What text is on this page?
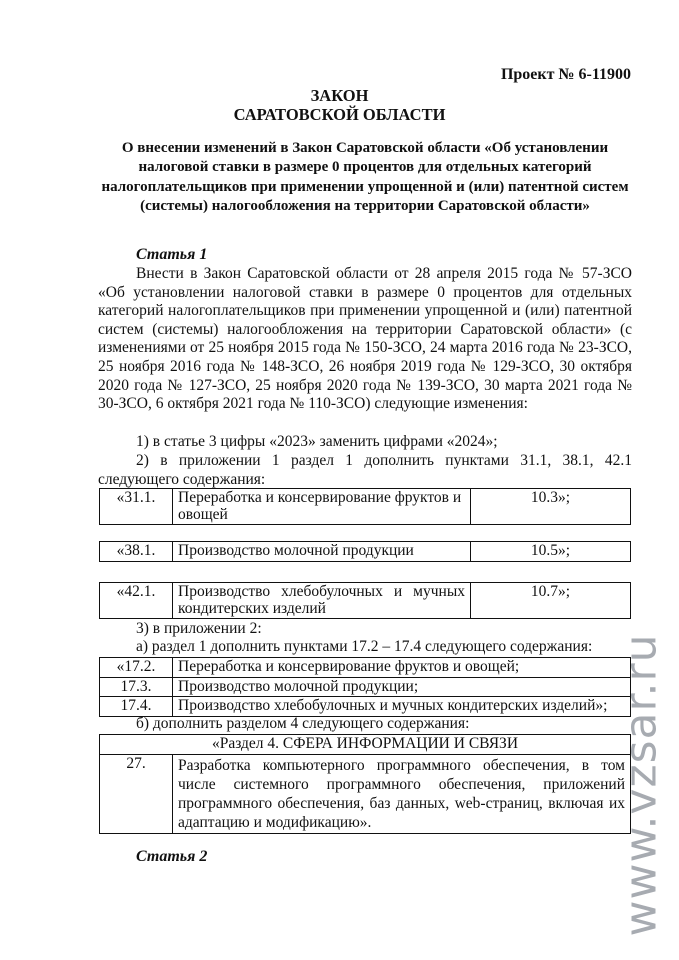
Проект № 6-11900
ЗАКОН
САРАТОВСКОЙ ОБЛАСТИ
О внесении изменений в Закон Саратовской области «Об установлении налоговой ставки в размере 0 процентов для отдельных категорий налогоплательщиков при применении упрощенной и (или) патентной систем (системы) налогообложения на территории Саратовской области»
Статья 1

Внести в Закон Саратовской области от 28 апреля 2015 года № 57-ЗСО «Об установлении налоговой ставки в размере 0 процентов для отдельных категорий налогоплательщиков при применении упрощенной и (или) патентной систем (системы) налогообложения на территории Саратовской области» (с изменениями от 25 ноября 2015 года № 150-ЗСО, 24 марта 2016 года № 23-ЗСО, 25 ноября 2016 года № 148-ЗСО, 26 ноября 2019 года № 129-ЗСО, 30 октября 2020 года № 127-ЗСО, 25 ноября 2020 года № 139-ЗСО, 30 марта 2021 года № 30-ЗСО, 6 октября 2021 года № 110-ЗСО) следующие изменения:

1) в статье 3 цифры «2023» заменить цифрами «2024»;

2) в приложении 1 раздел 1 дополнить пунктами 31.1, 38.1, 42.1 следующего содержания:

«31.1.	Переработка и консервирование фруктов и овощей	10.3»;
«38.1.	Производство молочной продукции	10.5»;
«42.1.	Производство хлебобулочных и мучных кондитерских изделий	10.7»;
3) в приложении 2:
а) раздел 1 дополнить пунктами 17.2 – 17.4 следующего содержания:
«17.2.	Переработка и консервирование фруктов и овощей;
17.3.	Производство молочной продукции;
17.4.	Производство хлебобулочных и мучных кондитерских изделий»;
б) дополнить разделом 4 следующего содержания:
«Раздел 4. СФЕРА ИНФОРМАЦИИ И СВЯЗИ
27.	Разработка компьютерного программного обеспечения, в том числе системного программного обеспечения, приложений программного обеспечения, баз данных, web-страниц, включая их адаптацию и модификацию».
Статья 2	www.vzsar.ru
